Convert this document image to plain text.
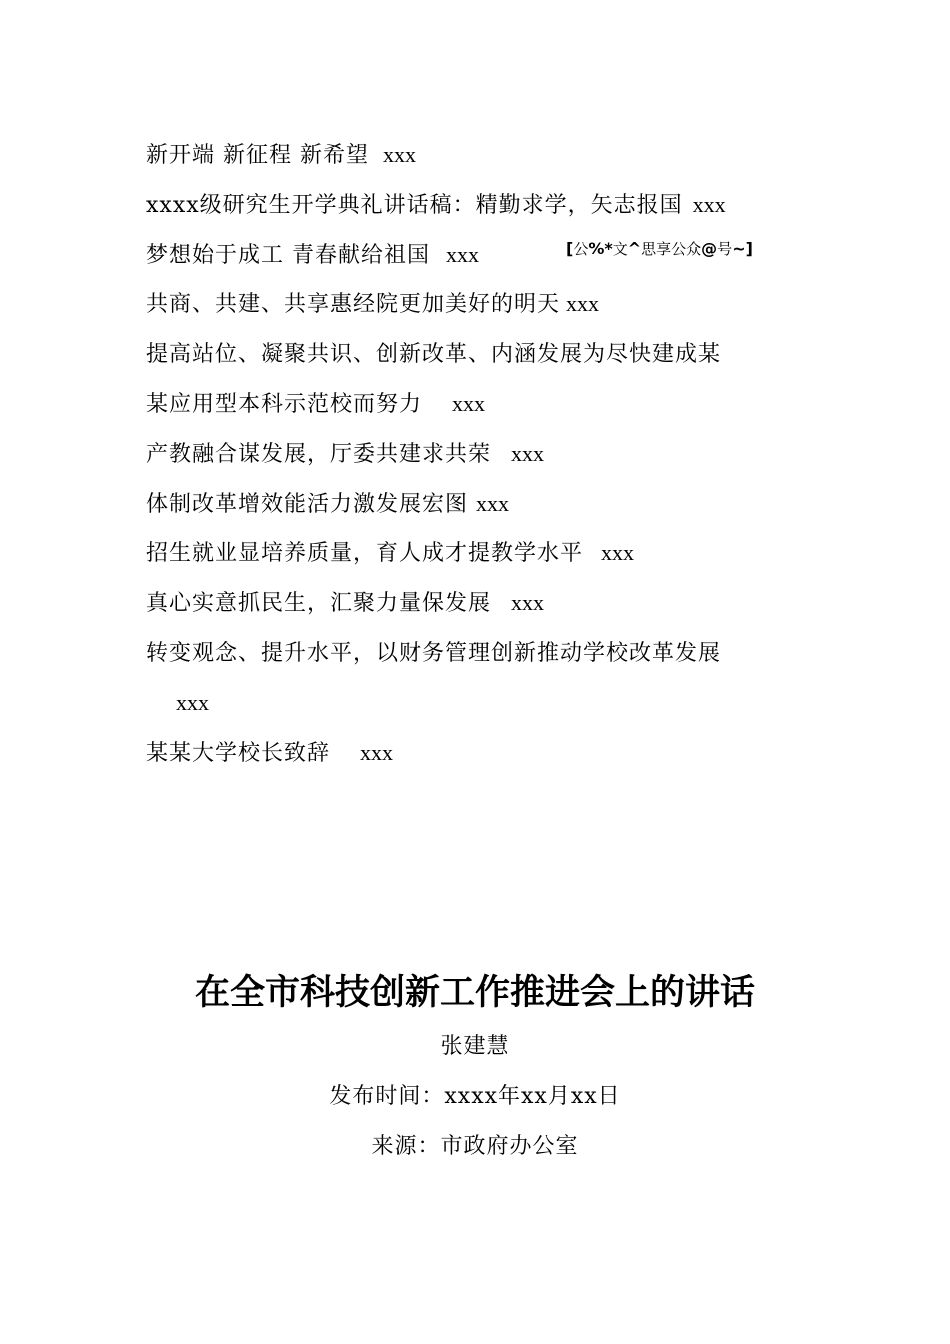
新开端 新征程 新希望 xxx
xxxx级研究生开学典礼讲话稿：精勤求学，矢志报国 xxx
梦想始于成工 青春献给祖国 xxx
共商、共建、共享惠经院更加美好的明天 xxx
提高站位、凝聚共识、创新改革、内涵发展为尽快建成某
某应用型本科示范校而努力 xxx
产教融合谋发展，厅委共建求共荣 xxx
体制改革增效能活力激发展宏图 xxx
招生就业显培养质量，育人成才提教学水平 xxx
真心实意抓民生，汇聚力量保发展 xxx
转变观念、提升水平，以财务管理创新推动学校改革发展
xxx
某某大学校长致辞 xxx
[公%*文^思享公众@号~]
在全市科技创新工作推进会上的讲话
张建慧
发布时间：xxxx年xx月xx日
来源：市政府办公室
